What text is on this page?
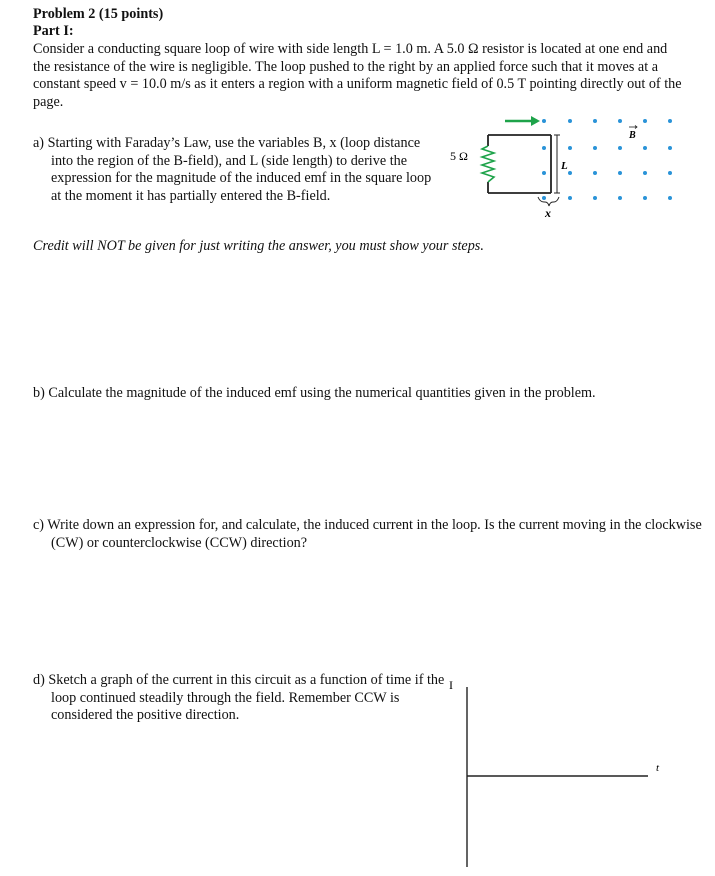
Problem 2 (15 points)
Part I:
Consider a conducting square loop of wire with side length L = 1.0 m. A 5.0 Ω resistor is located at one end and the resistance of the wire is negligible. The loop pushed to the right by an applied force such that it moves at a constant speed v = 10.0 m/s as it enters a region with a uniform magnetic field of 0.5 T pointing directly out of the page.
a) Starting with Faraday’s Law, use the variables B, x (loop distance into the region of the B-field), and L (side length) to derive the expression for the magnitude of the induced emf in the square loop at the moment it has partially entered the B-field.
5 Ω
B
L
x
Credit will NOT be given for just writing the answer, you must show your steps.
b) Calculate the magnitude of the induced emf using the numerical quantities given in the problem.
c) Write down an expression for, and calculate, the induced current in the loop. Is the current moving in the clockwise (CW) or counterclockwise (CCW) direction?
d) Sketch a graph of the current in this circuit as a function of time if the loop continued steadily through the field. Remember CCW is considered the positive direction.
I
t
